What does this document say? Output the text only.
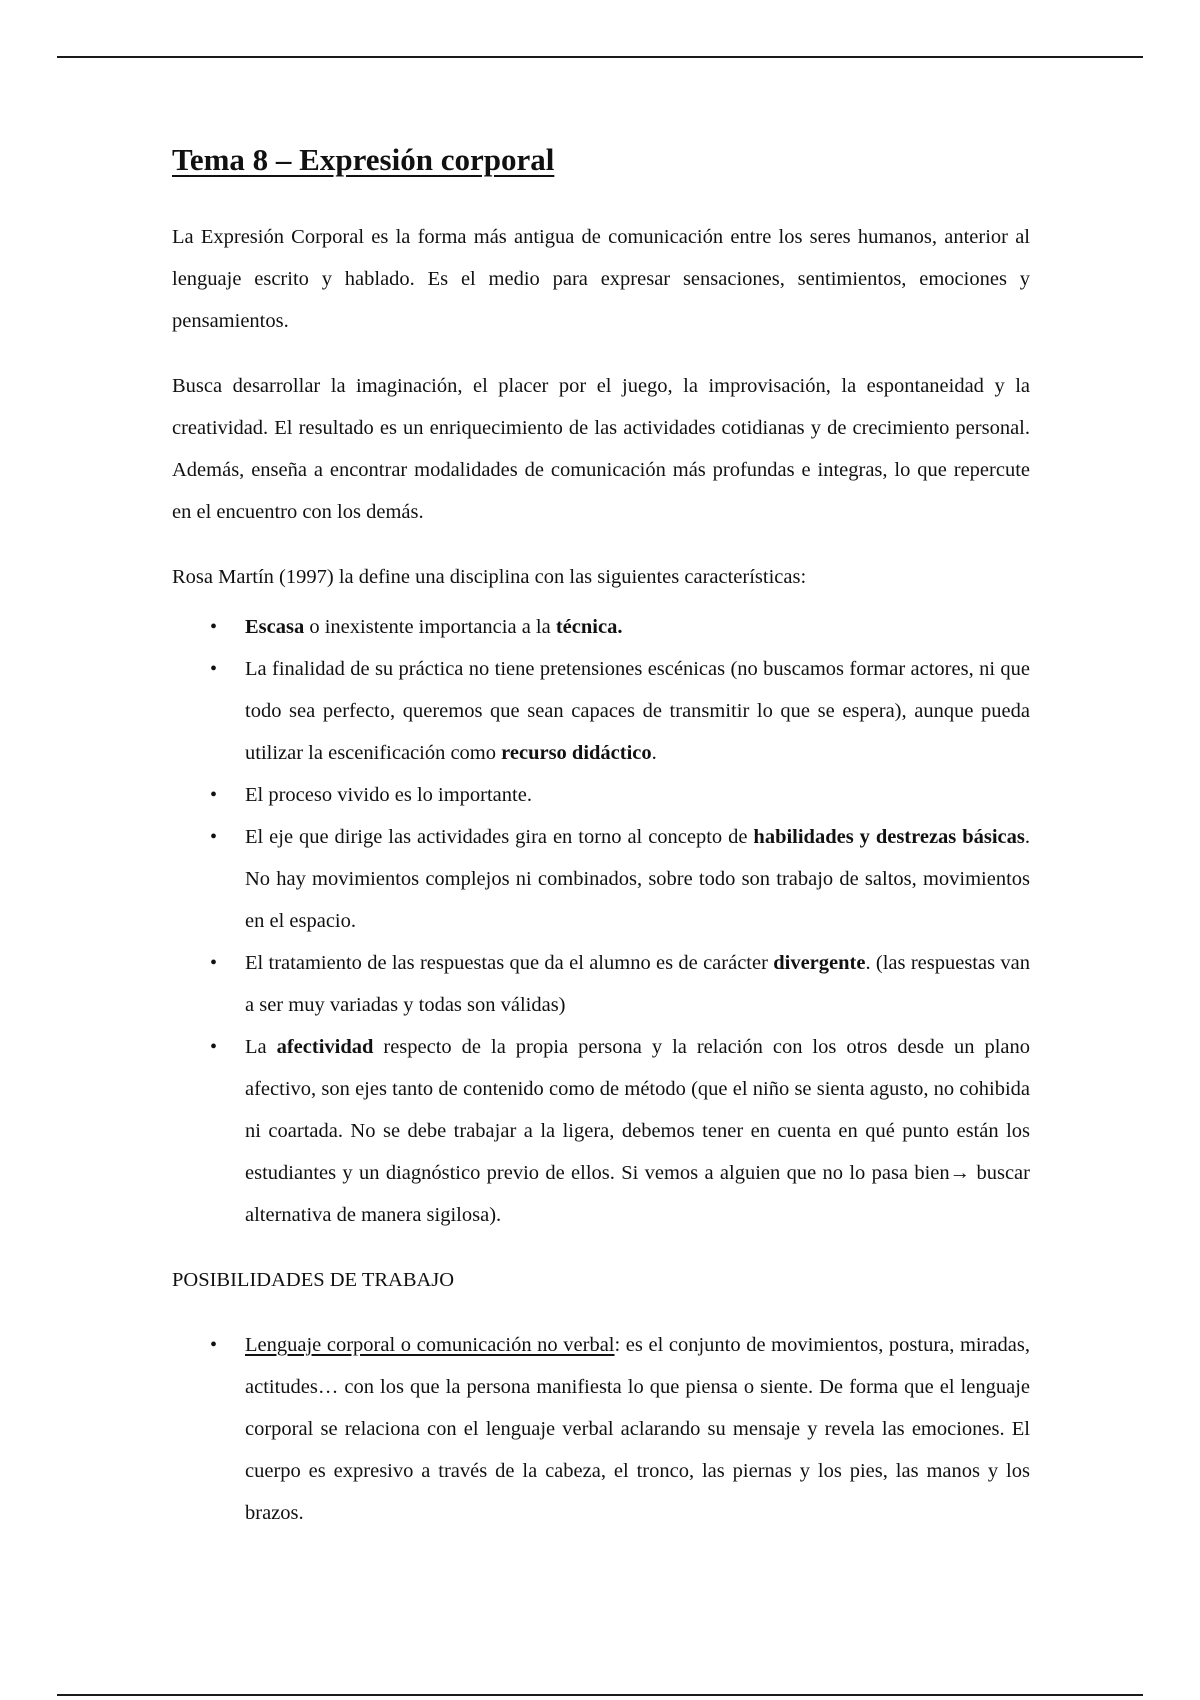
Tema 8 – Expresión corporal

La Expresión Corporal es la forma más antigua de comunicación entre los seres humanos, anterior al lenguaje escrito y hablado. Es el medio para expresar sensaciones, sentimientos, emociones y pensamientos.

Busca desarrollar la imaginación, el placer por el juego, la improvisación, la espontaneidad y la creatividad. El resultado es un enriquecimiento de las actividades cotidianas y de crecimiento personal. Además, enseña a encontrar modalidades de comunicación más profundas e integras, lo que repercute en el encuentro con los demás.

Rosa Martín (1997) la define una disciplina con las siguientes características:

• Escasa o inexistente importancia a la técnica.
• La finalidad de su práctica no tiene pretensiones escénicas (no buscamos formar actores, ni que todo sea perfecto, queremos que sean capaces de transmitir lo que se espera), aunque pueda utilizar la escenificación como recurso didáctico.
• El proceso vivido es lo importante.
• El eje que dirige las actividades gira en torno al concepto de habilidades y destrezas básicas. No hay movimientos complejos ni combinados, sobre todo son trabajo de saltos, movimientos en el espacio.
• El tratamiento de las respuestas que da el alumno es de carácter divergente. (las respuestas van a ser muy variadas y todas son válidas)
• La afectividad respecto de la propia persona y la relación con los otros desde un plano afectivo, son ejes tanto de contenido como de método (que el niño se sienta agusto, no cohibida ni coartada. No se debe trabajar a la ligera, debemos tener en cuenta en qué punto están los estudiantes y un diagnóstico previo de ellos. Si vemos a alguien que no lo pasa bien→ buscar alternativa de manera sigilosa).

POSIBILIDADES DE TRABAJO

• Lenguaje corporal o comunicación no verbal: es el conjunto de movimientos, postura, miradas, actitudes… con los que la persona manifiesta lo que piensa o siente. De forma que el lenguaje corporal se relaciona con el lenguaje verbal aclarando su mensaje y revela las emociones. El cuerpo es expresivo a través de la cabeza, el tronco, las piernas y los pies, las manos y los brazos.
